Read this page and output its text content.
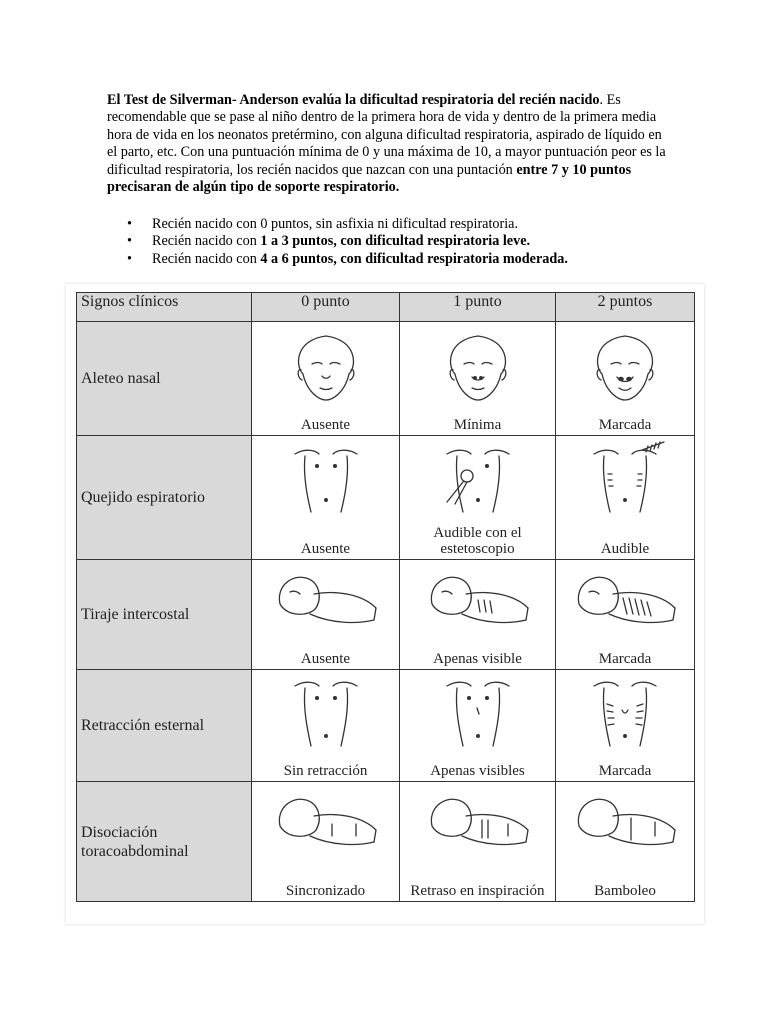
El Test de Silverman- Anderson evalúa la dificultad respiratoria del recién nacido. Es recomendable que se pase al niño dentro de la primera hora de vida y dentro de la primera media hora de vida en los neonatos pretérmino, con alguna dificultad respiratoria, aspirado de líquido en el parto, etc. Con una puntuación mínima de 0 y una máxima de 10, a mayor puntuación peor es la dificultad respiratoria, los recién nacidos que nazcan con una puntación entre 7 y 10 puntos precisaran de algún tipo de soporte respiratorio.

• Recién nacido con 0 puntos, sin asfixia ni dificultad respiratoria.
• Recién nacido con 1 a 3 puntos, con dificultad respiratoria leve.
• Recién nacido con 4 a 6 puntos, con dificultad respiratoria moderada.
Signos clínicos	0 punto	1 punto	2 puntos
Aleteo nasal	Ausente	Mínima	Marcada

Quejido espiratorio	Ausente	Audible con el estetoscopio	Audible

Tiraje intercostal	Ausente	Apenas visible	Marcada

Retracción esternal	Sin retracción	Apenas visibles	Marcada

Disociación toracoabdominal	Sincronizado	Retraso en inspiración	Bamboleo
